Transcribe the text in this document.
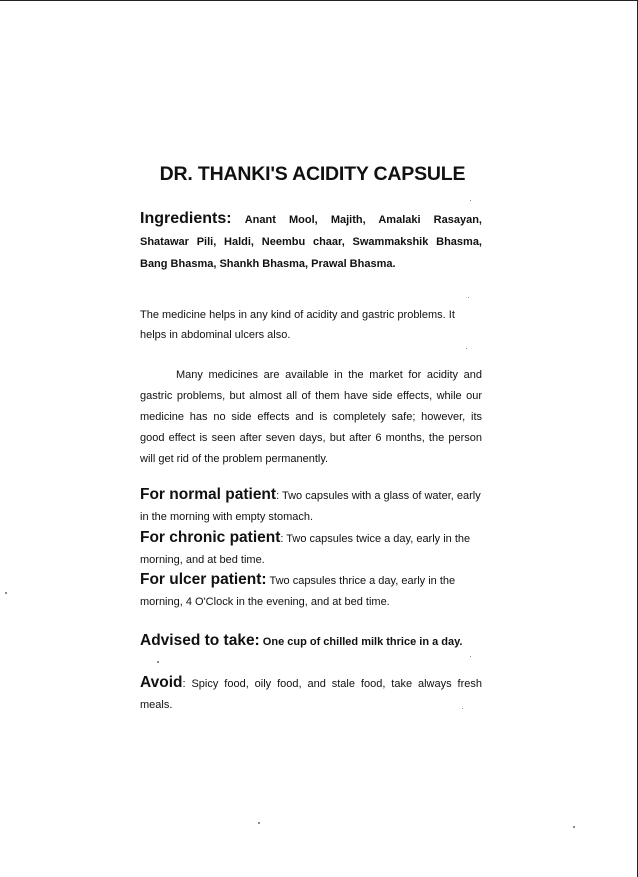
DR. THANKI'S ACIDITY CAPSULE
Ingredients: Anant Mool, Majith, Amalaki Rasayan, Shatawar Pili, Haldi, Neembu chaar, Swammakshik Bhasma, Bang Bhasma, Shankh Bhasma, Prawal Bhasma.
The medicine helps in any kind of acidity and gastric problems. It helps in abdominal ulcers also.
Many medicines are available in the market for acidity and gastric problems, but almost all of them have side effects, while our medicine has no side effects and is completely safe; however, its good effect is seen after seven days, but after 6 months, the person will get rid of the problem permanently.
For normal patient: Two capsules with a glass of water, early in the morning with empty stomach.
For chronic patient: Two capsules twice a day, early in the morning, and at bed time.
For ulcer patient: Two capsules thrice a day, early in the morning, 4 O'Clock in the evening, and at bed time.
Advised to take: One cup of chilled milk thrice in a day.
Avoid: Spicy food, oily food, and stale food, take always fresh meals.
